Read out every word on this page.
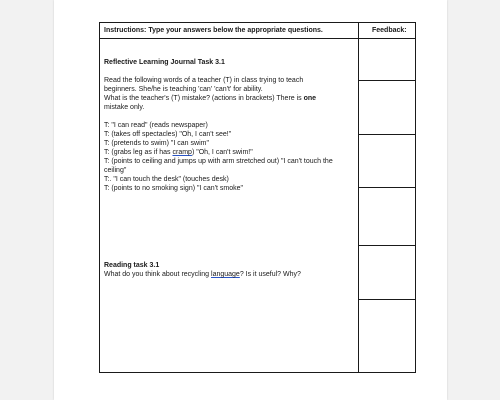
Instructions: Type your answers below the appropriate questions.	Feedback:

Reflective Learning Journal Task 3.1

Read the following words of a teacher (T) in class trying to teach

beginners. She/he is teaching 'can' 'can't' for ability.

What is the teacher's (T) mistake? (actions in brackets) There is one

mistake only.

T: "I can read" (reads newspaper)

T: (takes off spectacles) "Oh, I can't see!"

T: (pretends to swim) "I can swim"

T: (grabs leg as if has cramp) "Oh, I can't swim!"

T: (points to ceiling and jumps up with arm stretched out) "I can't touch the

ceiling"

T:. "I can touch the desk" (touches desk)

T: (points to no smoking sign) "I can't smoke"

Reading task 3.1

What do you think about recycling language? Is it useful? Why?
